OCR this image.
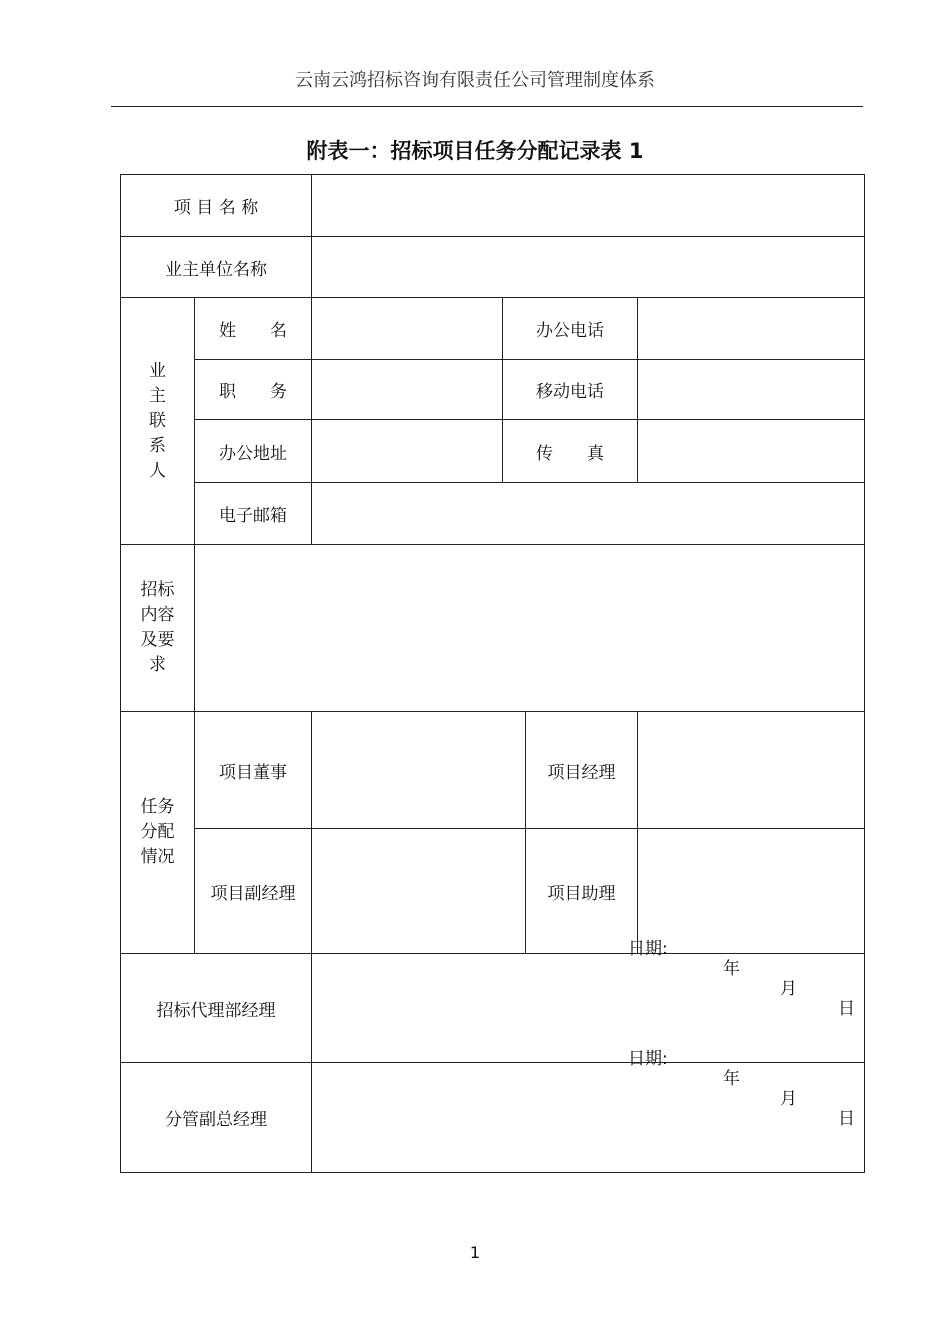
云南云鸿招标咨询有限责任公司管理制度体系
附表一：招标项目任务分配记录表 1
项 目 名 称					
业主单位名称					

业
主
联
系
人	姓　　名		办公电话		
	职　　务		移动电话		
	办公地址		传　　真		
	电子邮箱				

招标
内容
及要
求					

任务
分配
情况	项目董事			项目经理	
	项目副经理			项目助理	
招标代理部经理		日期:

年

月

日			

分管副总经理		日期:

年

月

日			

1
